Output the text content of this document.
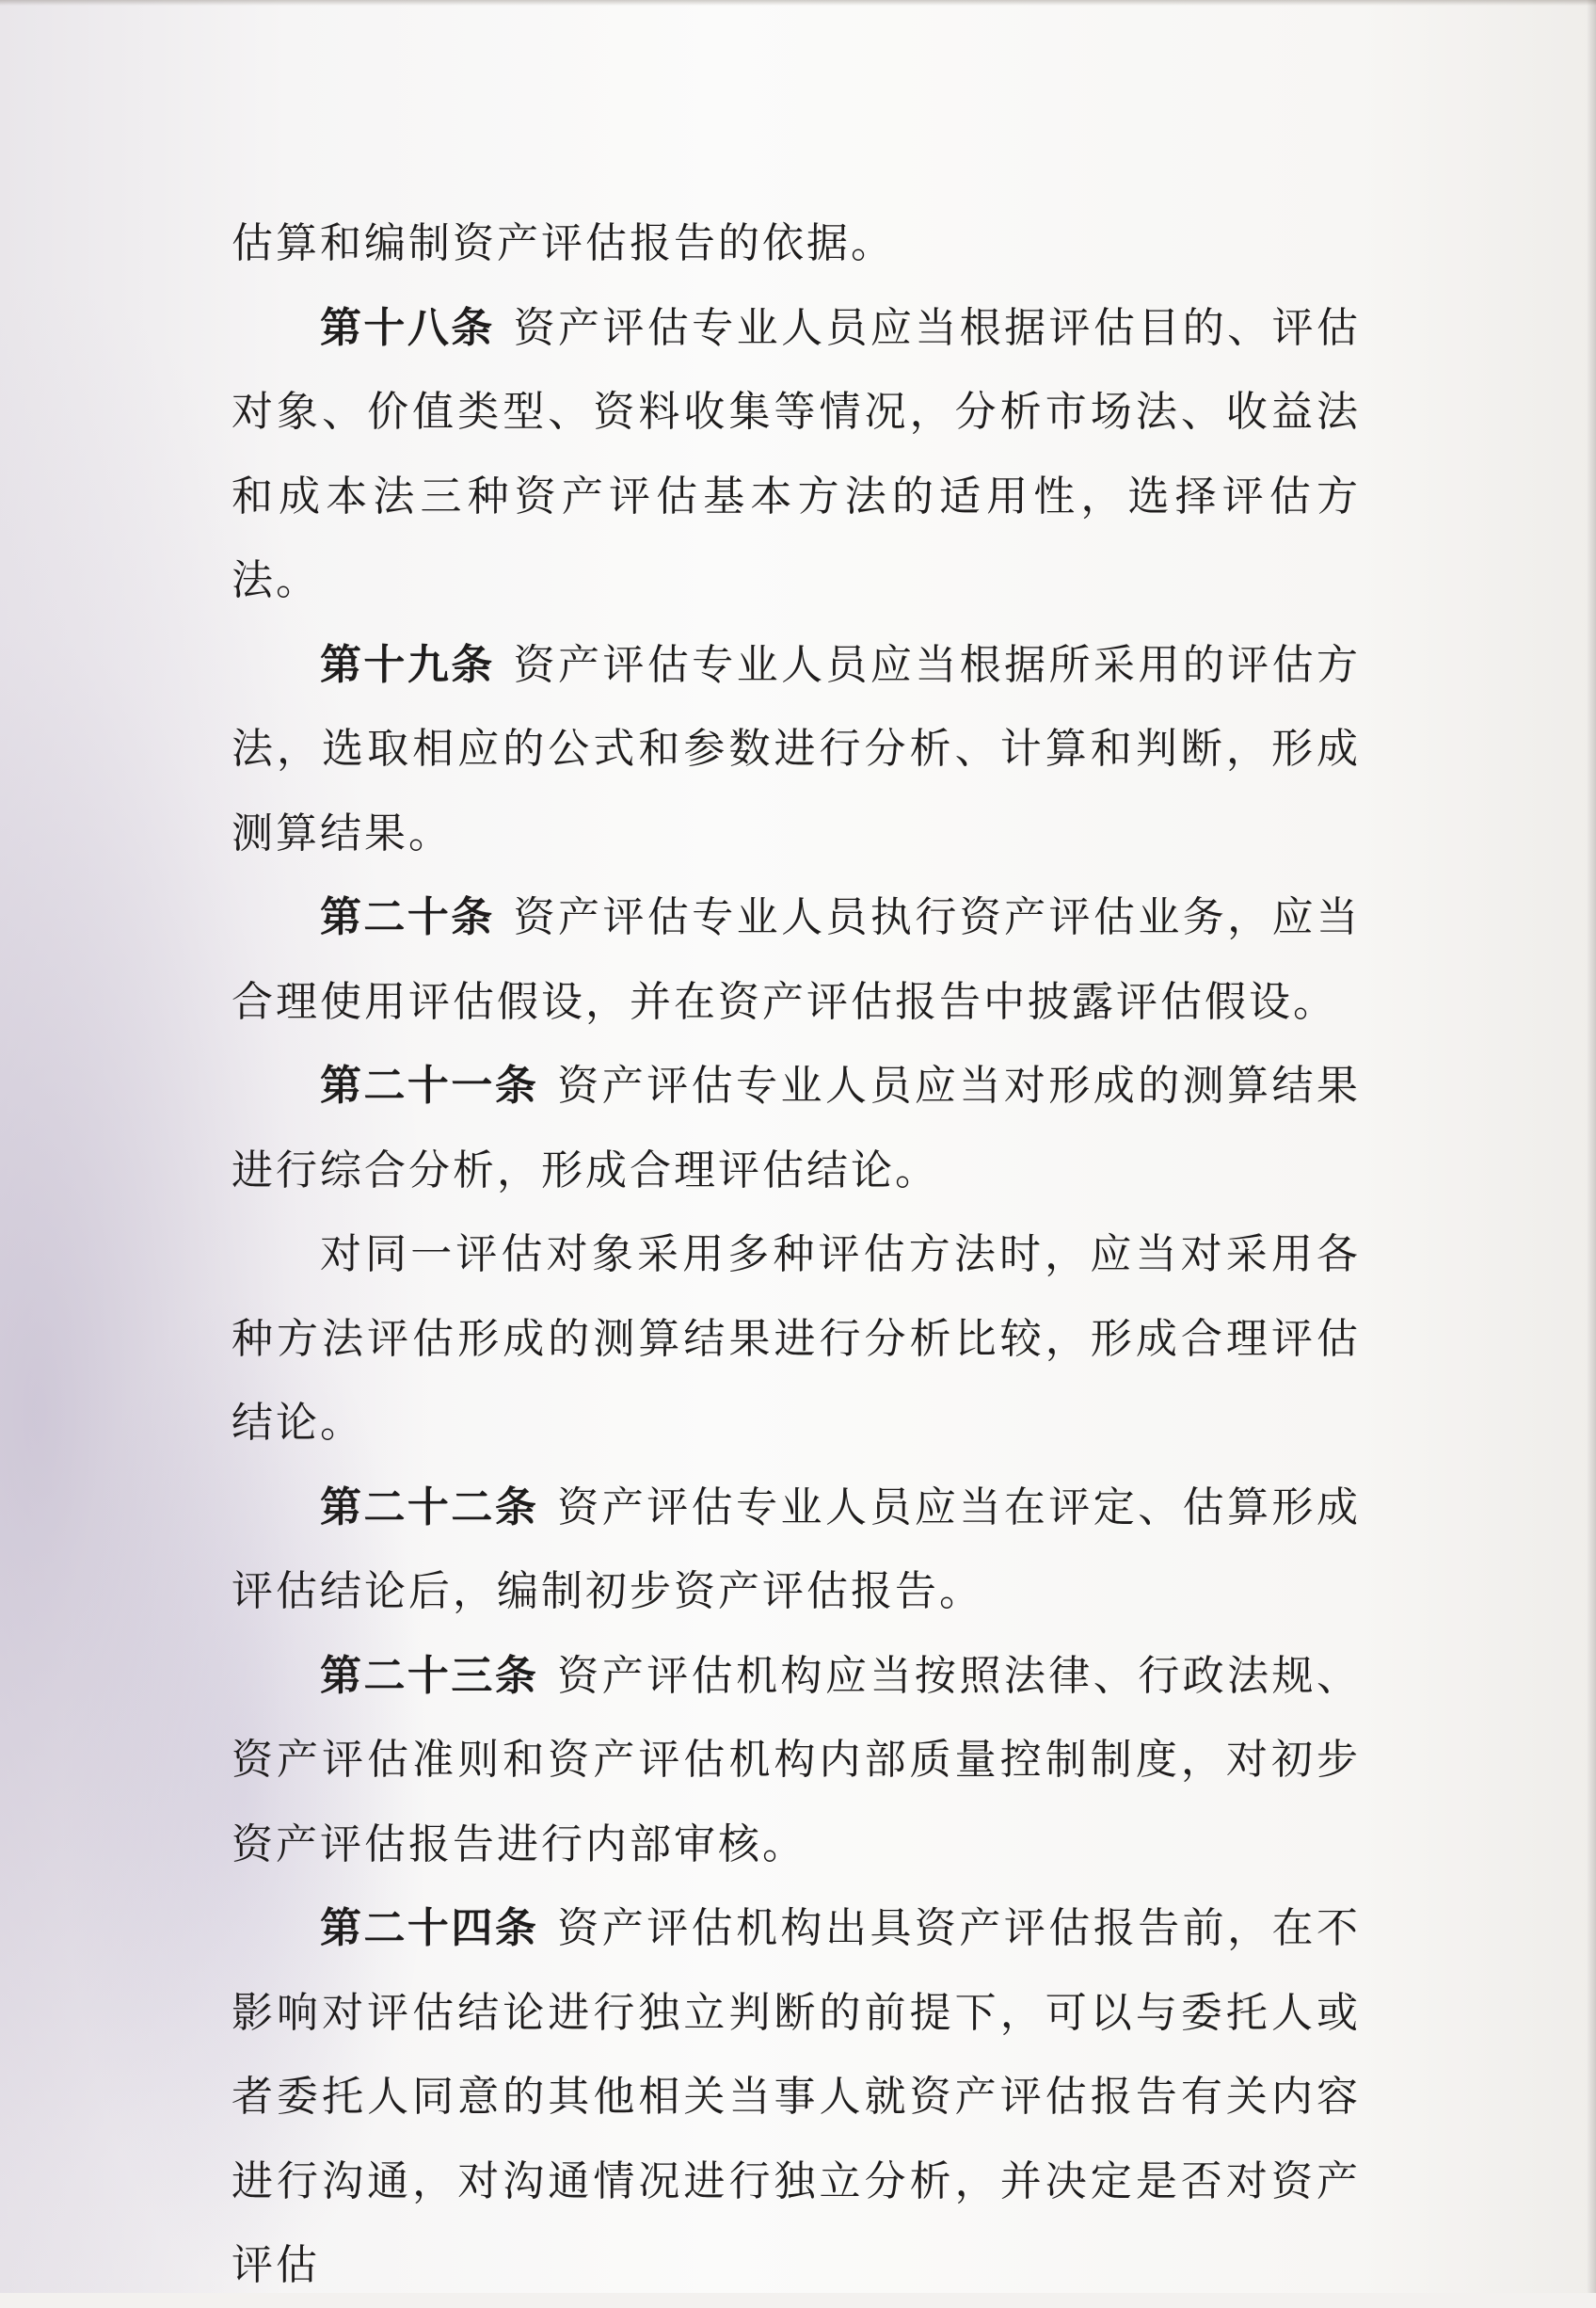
估算和编制资产评估报告的依据。

第十八条 资产评估专业人员应当根据评估目的、评估对象、价值类型、资料收集等情况，分析市场法、收益法和成本法三种资产评估基本方法的适用性，选择评估方法。

第十九条 资产评估专业人员应当根据所采用的评估方法，选取相应的公式和参数进行分析、计算和判断，形成测算结果。

第二十条 资产评估专业人员执行资产评估业务，应当合理使用评估假设，并在资产评估报告中披露评估假设。

第二十一条 资产评估专业人员应当对形成的测算结果进行综合分析，形成合理评估结论。

对同一评估对象采用多种评估方法时，应当对采用各种方法评估形成的测算结果进行分析比较，形成合理评估结论。

第二十二条 资产评估专业人员应当在评定、估算形成评估结论后，编制初步资产评估报告。

第二十三条 资产评估机构应当按照法律、行政法规、资产评估准则和资产评估机构内部质量控制制度，对初步资产评估报告进行内部审核。

第二十四条 资产评估机构出具资产评估报告前，在不影响对评估结论进行独立判断的前提下，可以与委托人或者委托人同意的其他相关当事人就资产评估报告有关内容进行沟通，对沟通情况进行独立分析，并决定是否对资产评估
